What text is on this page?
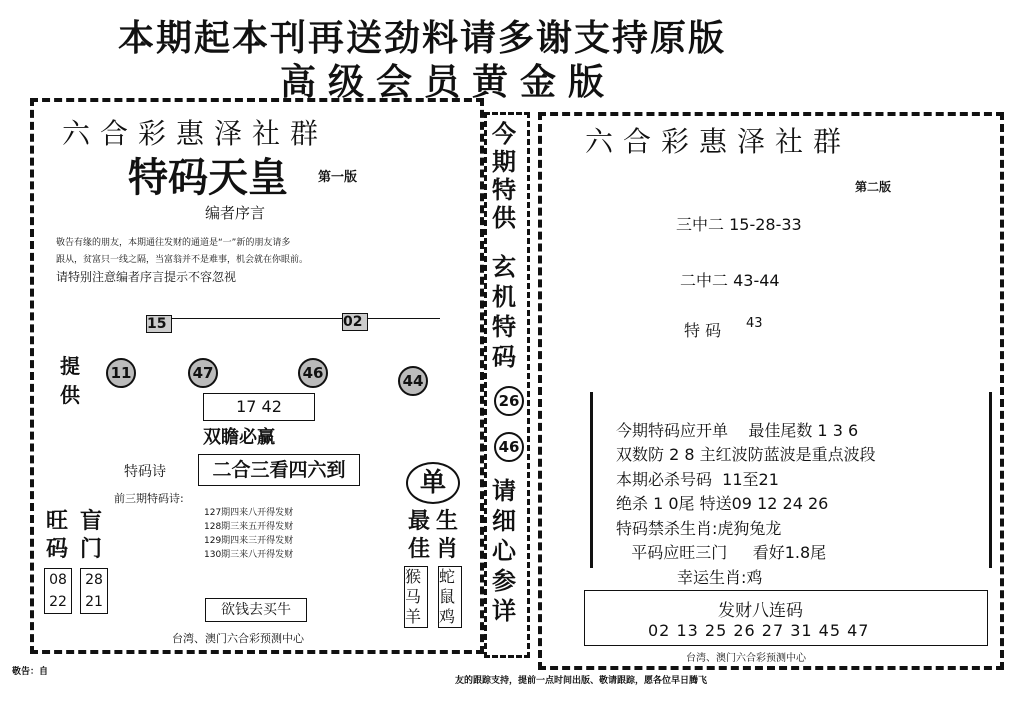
本期起本刊再送劲料请多谢支持原版
高级会员黄金版
六合彩惠泽社群
特码天皇 第一版
编者序言
敬告有缘的朋友，本期通往发财的通道是“一”新的朋友请多
跟从，贫富只一线之隔，当富翁并不是难事，机会就在你眼前。
请特别注意编者序言提示不容忽视
15	02
提供
11	47	46	44
17 42
双瞻必赢
特码诗	二合三看四六到
前三期特码诗:
127期四来八开得发财
128期三来五开得发财
129期四来三开得发财
130期三来八开得发财
旺码
盲门
08
22
28
21	欲钱去买牛
单
最佳
生肖
猴马羊
蛇鼠鸡
台湾、澳门六合彩预测中心
敬告：自
今期特供
玄机特码
26
46
请细心参详
六合彩惠泽社群
第二版
三中二 15-28-33
二中二 43-44
特 码 43

今期特码应开单    最佳尾数 1 3 6
双数防 2 8 主红波防蓝波是重点波段
本期必杀号码  11至21
绝杀 1 0尾 特送09 12 24 26
特码禁杀生肖:虎狗兔龙
平码应旺三门     看好1.8尾
幸运生肖:鸡
发财八连码
02 13 25 26 27 31 45 47
台湾、澳门六合彩预测中心
友的跟踪支持，提前一点时间出版、敬请跟踪，愿各位早日腾飞
